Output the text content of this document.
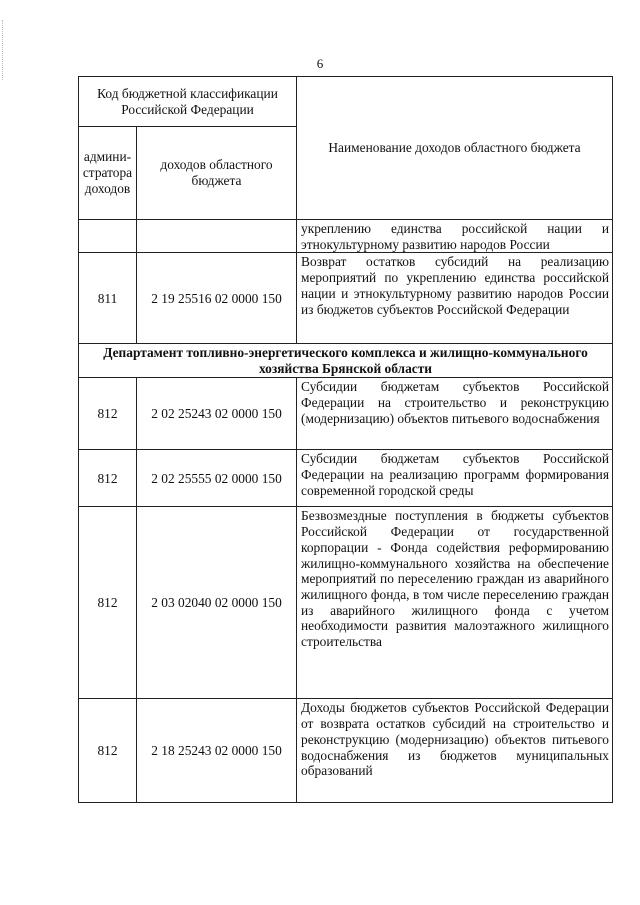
6
Код бюджетной классификации Российской Федерации		Наименование доходов областного бюджета
админи-стратора доходов	доходов областного бюджета	
		укреплению единства российской нации и этнокультурному развитию народов России
811	2 19 25516 02 0000 150	Возврат остатков субсидий на реализацию мероприятий по укреплению единства российской нации и этнокультурному развитию народов России из бюджетов субъектов Российской Федерации
Департамент топливно-энергетического комплекса и жилищно-коммунального хозяйства Брянской области		
812	2 02 25243 02 0000 150	Субсидии бюджетам субъектов Российской Федерации на строительство и реконструкцию (модернизацию) объектов питьевого водоснабжения
812	2 02 25555 02 0000 150	Субсидии бюджетам субъектов Российской Федерации на реализацию программ формирования современной городской среды
812	2 03 02040 02 0000 150	Безвозмездные поступления в бюджеты субъектов Российской Федерации от государственной корпорации - Фонда содействия реформированию жилищно-коммунального хозяйства на обеспечение мероприятий по переселению граждан из аварийного жилищного фонда, в том числе переселению граждан из аварийного жилищного фонда с учетом необходимости развития малоэтажного жилищного строительства
812	2 18 25243 02 0000 150	Доходы бюджетов субъектов Российской Федерации от возврата остатков субсидий на строительство и реконструкцию (модернизацию) объектов питьевого водоснабжения из бюджетов муниципальных образований
